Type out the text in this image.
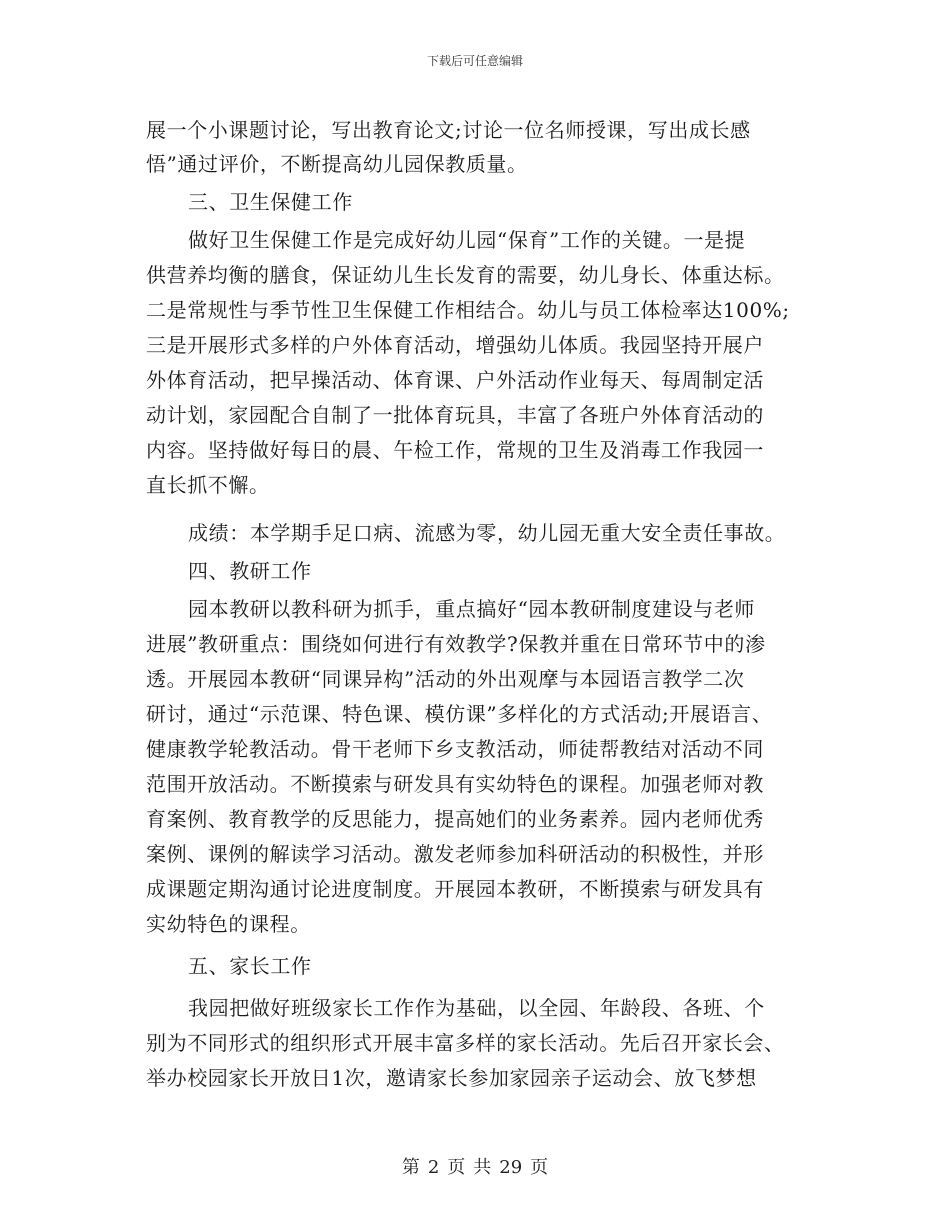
下载后可任意编辑
展一个小课题讨论，写出教育论文;讨论一位名师授课，写出成长感
悟”通过评价，不断提高幼儿园保教质量。
三、卫生保健工作
做好卫生保健工作是完成好幼儿园“保育”工作的关键。一是提
供营养均衡的膳食，保证幼儿生长发育的需要，幼儿身长、体重达标。
二是常规性与季节性卫生保健工作相结合。幼儿与员工体检率达100%;
三是开展形式多样的户外体育活动，增强幼儿体质。我园坚持开展户
外体育活动，把早操活动、体育课、户外活动作业每天、每周制定活
动计划，家园配合自制了一批体育玩具，丰富了各班户外体育活动的
内容。坚持做好每日的晨、午检工作，常规的卫生及消毒工作我园一
直长抓不懈。
成绩：本学期手足口病、流感为零，幼儿园无重大安全责任事故。
四、教研工作
园本教研以教科研为抓手，重点搞好“园本教研制度建设与老师
进展”教研重点：围绕如何进行有效教学?保教并重在日常环节中的渗
透。开展园本教研“同课异构”活动的外出观摩与本园语言教学二次
研讨，通过“示范课、特色课、模仿课”多样化的方式活动;开展语言、
健康教学轮教活动。骨干老师下乡支教活动，师徒帮教结对活动不同
范围开放活动。不断摸索与研发具有实幼特色的课程。加强老师对教
育案例、教育教学的反思能力，提高她们的业务素养。园内老师优秀
案例、课例的解读学习活动。激发老师参加科研活动的积极性，并形
成课题定期沟通讨论进度制度。开展园本教研，不断摸索与研发具有
实幼特色的课程。
五、家长工作
我园把做好班级家长工作作为基础，以全园、年龄段、各班、个
别为不同形式的组织形式开展丰富多样的家长活动。先后召开家长会、
举办校园家长开放日1次，邀请家长参加家园亲子运动会、放飞梦想
第 2 页 共 29 页
